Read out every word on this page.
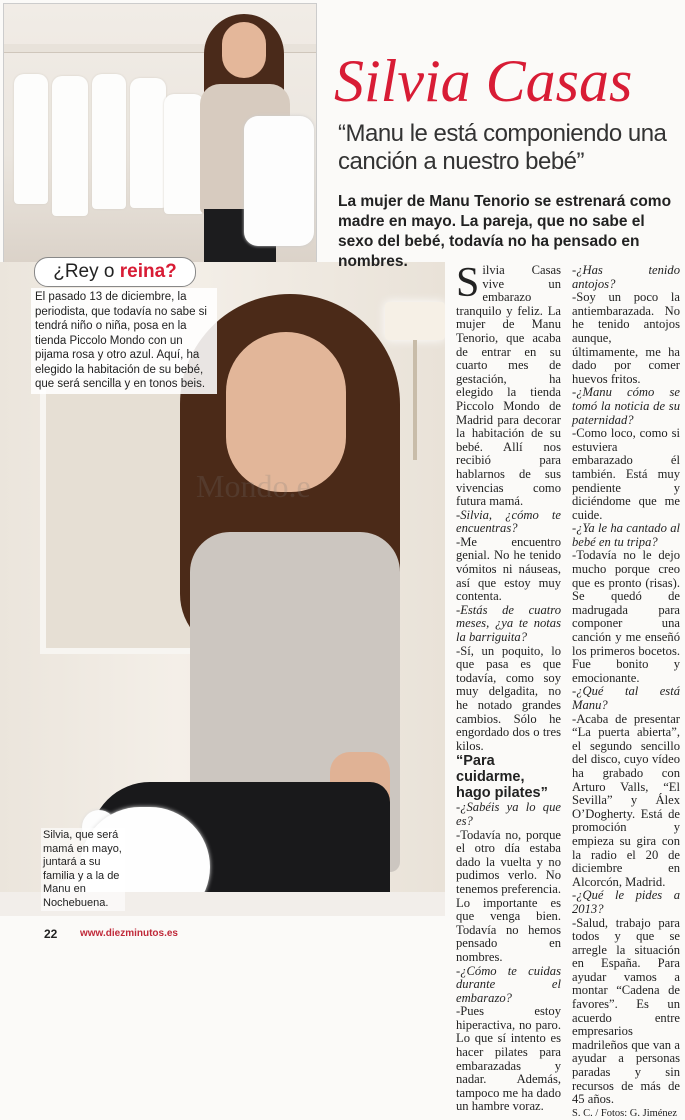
Silvia Casas
“Manu le está componiendo una canción a nuestro bebé”
La mujer de Manu Tenorio se estrenará como madre en mayo. La pareja, que no sabe el sexo del bebé, todavía no ha pensado en nombres.
¿Rey o reina?
El pasado 13 de diciembre, la periodista, que todavía no sabe si tendrá niño o niña, posa en la tienda Piccolo Mondo con un pijama rosa y otro azul. Aquí, ha elegido la habitación de su bebé, que será sencilla y en tonos beis.
Silvia, que será mamá en mayo, juntará a su familia y a la de Manu en Nochebuena.
Mondo.e

Silvia Casas vive un embarazo tranquilo y feliz. La mujer de Manu Tenorio, que acaba de entrar en su cuarto mes de gestación, ha elegido la tienda Piccolo Mondo de Madrid para decorar la habitación de su bebé. Allí nos recibió para hablarnos de sus vivencias como futura mamá.

-Silvia, ¿cómo te encuentras?

-Me encuentro genial. No he tenido vómitos ni náuseas, así que estoy muy contenta.

-Estás de cuatro meses, ¿ya te notas la barriguita?

-Sí, un poquito, lo que pasa es que todavía, como soy muy delgadita, no he notado grandes cambios. Sólo he engordado dos o tres kilos.

“Para cuidarme, hago pilates”

-¿Sabéis ya lo que es?

-Todavía no, porque el otro día estaba dado la vuelta y no pudimos verlo. No tenemos preferencia. Lo importante es que venga bien. Todavía no hemos pensado en nombres.

-¿Cómo te cuidas durante el embarazo?

-Pues estoy hiperactiva, no paro. Lo que sí intento es hacer pilates para embarazadas y nadar. Además, tampoco me ha dado un hambre voraz.

-¿Has tenido antojos?

-Soy un poco la antiembarazada. No he tenido antojos aunque, últimamente, me ha dado por comer huevos fritos.

-¿Manu cómo se tomó la noticia de su paternidad?

-Como loco, como si estuviera embarazado él también. Está muy pendiente y diciéndome que me cuide.

-¿Ya le ha cantado al bebé en tu tripa?

-Todavía no le dejo mucho porque creo que es pronto (risas). Se quedó de madrugada para componer una canción y me enseñó los primeros bocetos. Fue bonito y emocionante.

-¿Qué tal está Manu?

-Acaba de presentar “La puerta abierta”, el segundo sencillo del disco, cuyo vídeo ha grabado con Arturo Valls, “El Sevilla” y Álex O’Dogherty. Está de promoción y empieza su gira con la radio el 20 de diciembre en Alcorcón, Madrid.

-¿Qué le pides a 2013?

-Salud, trabajo para todos y que se arregle la situación en España. Para ayudar vamos a montar “Cadena de favores”. Es un acuerdo entre empresarios madrileños que van a ayudar a personas paradas y sin recursos de más de 45 años.

S. C. / Fotos: G. Jiménez

22 www.diezminutos.es
